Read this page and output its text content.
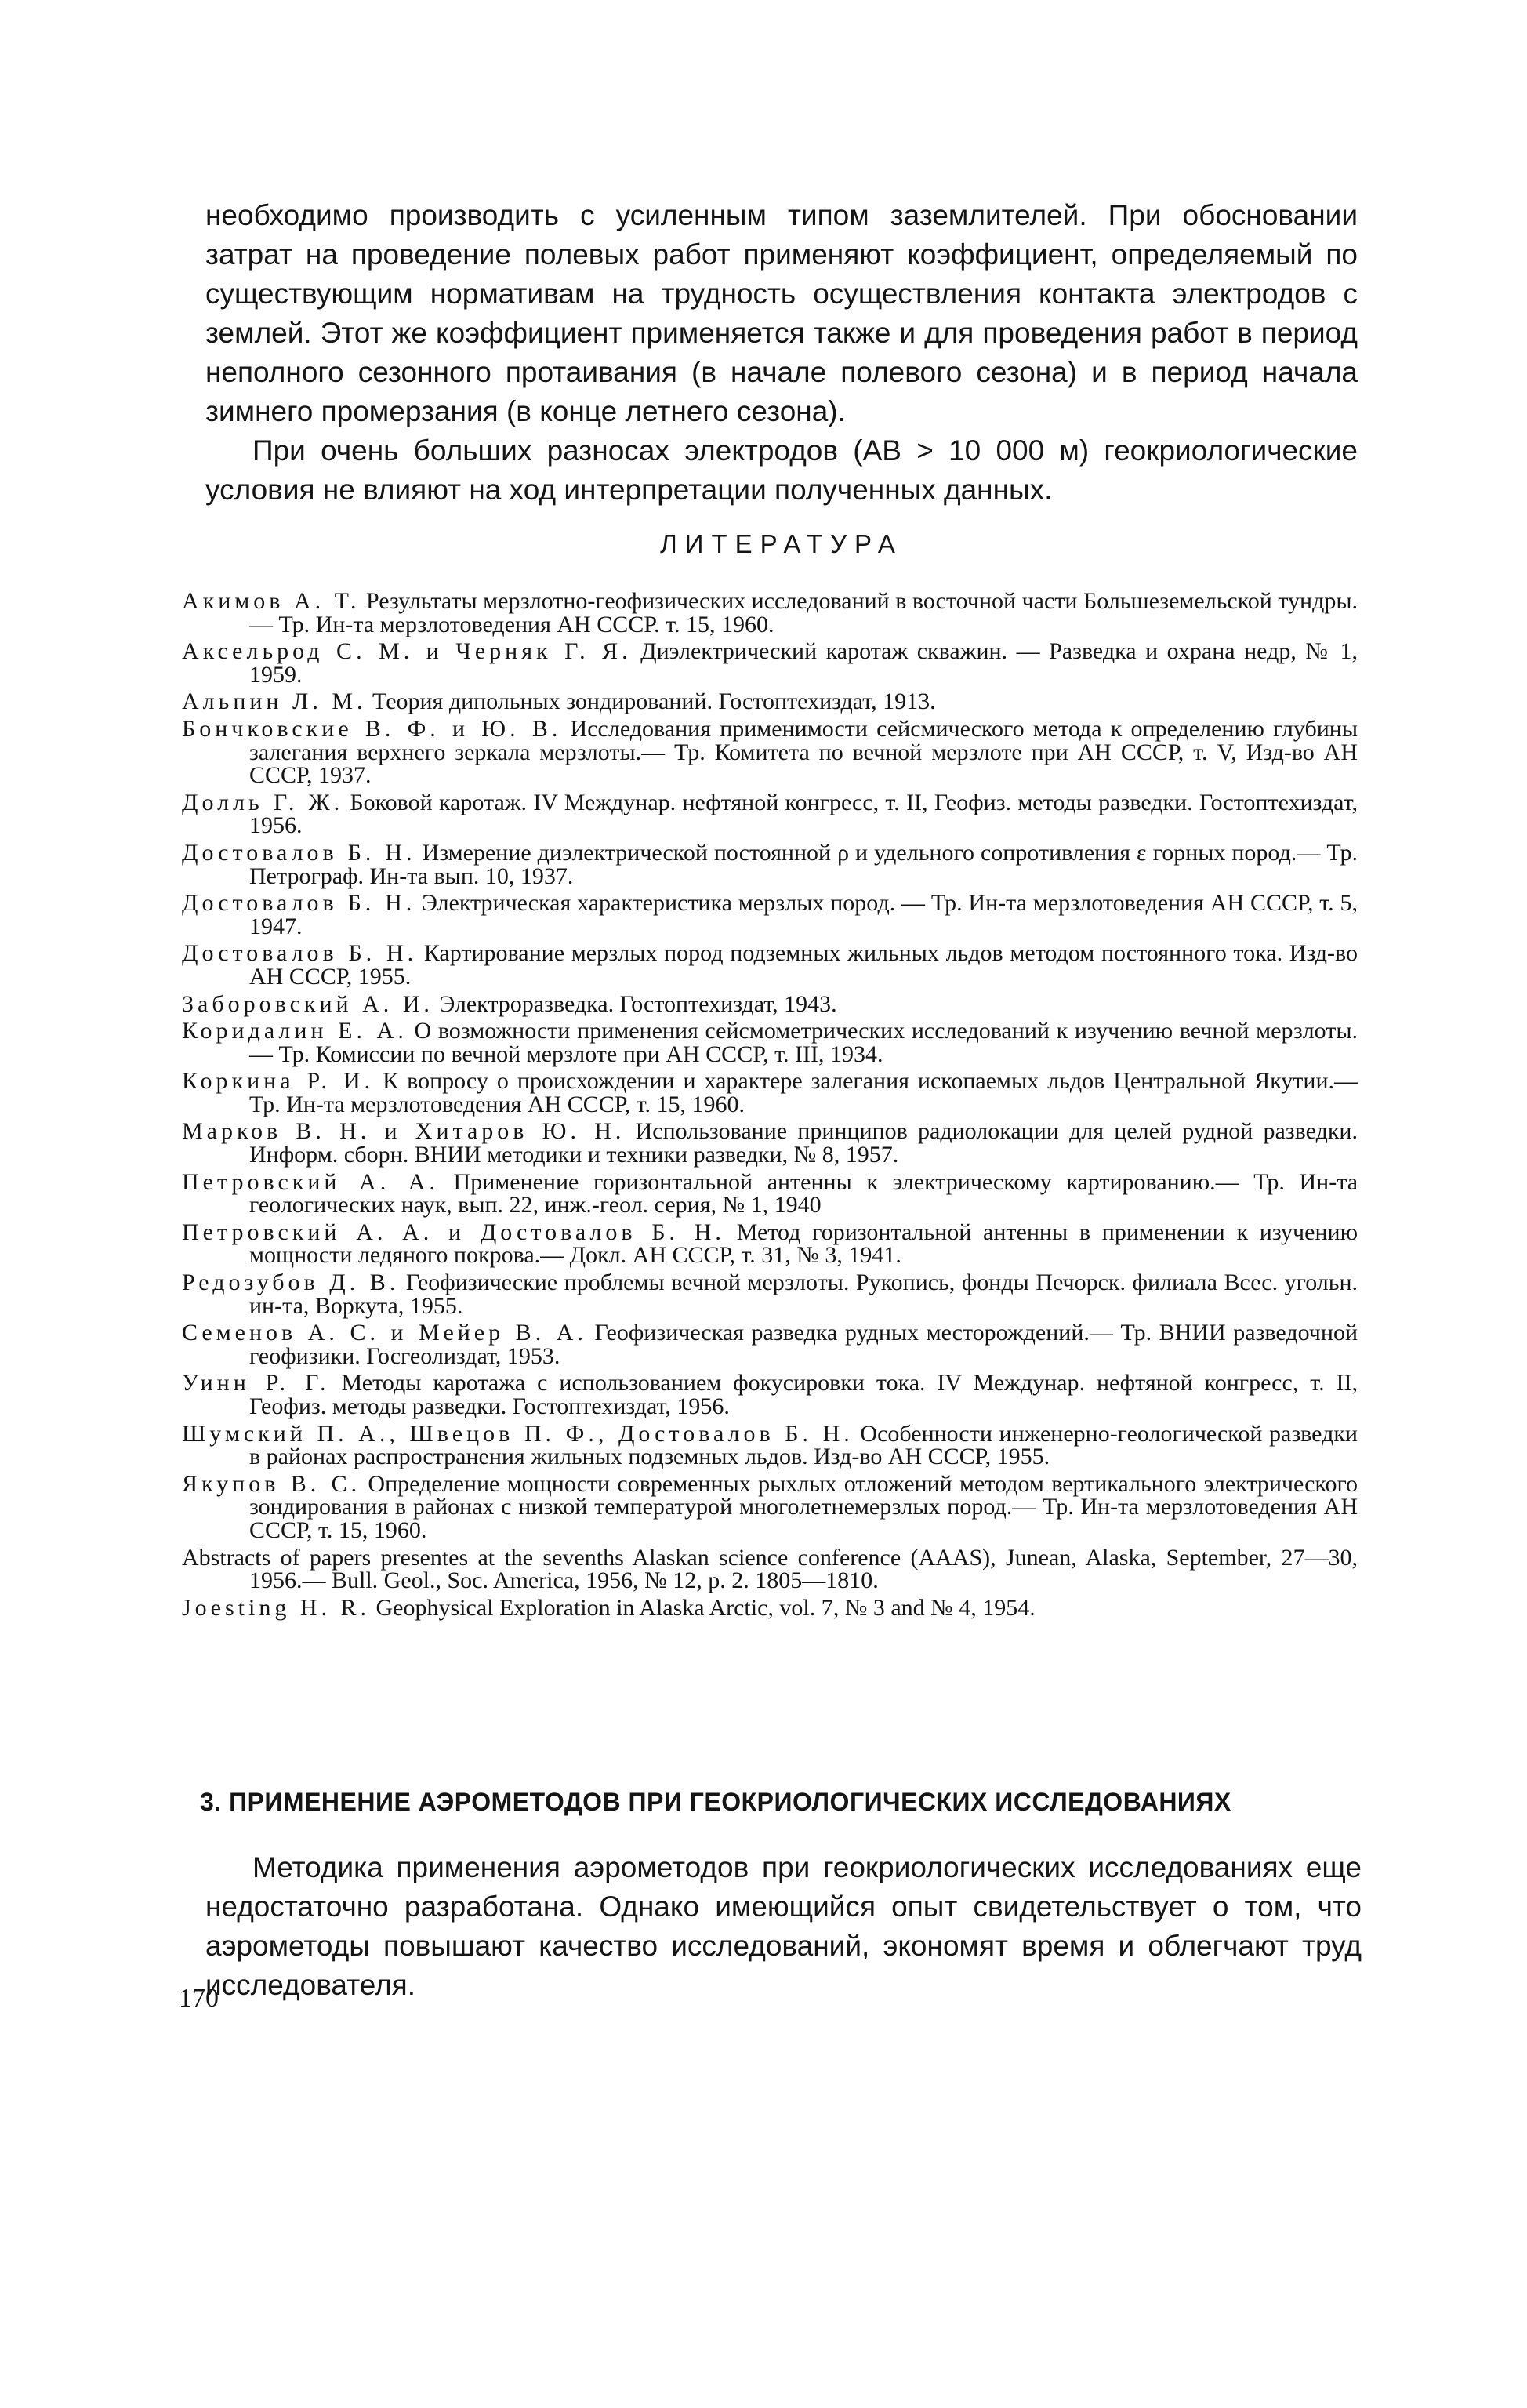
необходимо производить с усиленным типом заземлителей. При обосновании затрат на проведение полевых работ применяют коэффициент, определяемый по существующим нормативам на трудность осуществления контакта электродов с землей. Этот же коэффициент применяется также и для проведения работ в период неполного сезонного протаивания (в начале полевого сезона) и в период начала зимнего промерзания (в конце летнего сезона).

При очень больших разносах электродов (AB > 10 000 м) геокриологические условия не влияют на ход интерпретации полученных данных.

ЛИТЕРАТУРА

Акимов А. Т. Результаты мерзлотно-геофизических исследований в восточной части Большеземельской тундры.— Тр. Ин-та мерзлотоведения АН СССР. т. 15, 1960.

Аксельрод С. М. и Черняк Г. Я. Диэлектрический каротаж скважин. — Разведка и охрана недр, № 1, 1959.

Альпин Л. М. Теория дипольных зондирований. Гостоптехиздат, 1913.

Бончковские В. Ф. и Ю. В. Исследования применимости сейсмического метода к определению глубины залегания верхнего зеркала мерзлоты.— Тр. Комитета по вечной мерзлоте при АН СССР, т. V, Изд-во АН СССР, 1937.

Долль Г. Ж. Боковой каротаж. IV Междунар. нефтяной конгресс, т. II, Геофиз. методы разведки. Гостоптехиздат, 1956.

Достовалов Б. Н. Измерение диэлектрической постоянной ρ и удельного сопротивления ε горных пород.— Тр. Петрограф. Ин-та вып. 10, 1937.

Достовалов Б. Н. Электрическая характеристика мерзлых пород. — Тр. Ин-та мерзлотоведения АН СССР, т. 5, 1947.

Достовалов Б. Н. Картирование мерзлых пород подземных жильных льдов методом постоянного тока. Изд-во АН СССР, 1955.

Заборовский А. И. Электроразведка. Гостоптехиздат, 1943.

Коридалин Е. А. О возможности применения сейсмометрических исследований к изучению вечной мерзлоты.— Тр. Комиссии по вечной мерзлоте при АН СССР, т. III, 1934.

Коркина Р. И. К вопросу о происхождении и характере залегания ископаемых льдов Центральной Якутии.— Тр. Ин-та мерзлотоведения АН СССР, т. 15, 1960.

Марков В. Н. и Хитаров Ю. Н. Использование принципов радиолокации для целей рудной разведки. Информ. сборн. ВНИИ методики и техники разведки, № 8, 1957.

Петровский А. А. Применение горизонтальной антенны к электрическому картированию.— Тр. Ин-та геологических наук, вып. 22, инж.-геол. серия, № 1, 1940

Петровский А. А. и Достовалов Б. Н. Метод горизонтальной антенны в применении к изучению мощности ледяного покрова.— Докл. АН СССР, т. 31, № 3, 1941.

Редозубов Д. В. Геофизические проблемы вечной мерзлоты. Рукопись, фонды Печорск. филиала Всес. угольн. ин-та, Воркута, 1955.

Семенов А. С. и Мейер В. А. Геофизическая разведка рудных месторождений.— Тр. ВНИИ разведочной геофизики. Госгеолиздат, 1953.

Уинн Р. Г. Методы каротажа с использованием фокусировки тока. IV Междунар. нефтяной конгресс, т. II, Геофиз. методы разведки. Гостоптехиздат, 1956.

Шумский П. А., Швецов П. Ф., Достовалов Б. Н. Особенности инженерно-геологической разведки в районах распространения жильных подземных льдов. Изд-во АН СССР, 1955.

Якупов В. С. Определение мощности современных рыхлых отложений методом вертикального электрического зондирования в районах с низкой температурой многолетнемерзлых пород.— Тр. Ин-та мерзлотоведения АН СССР, т. 15, 1960.

Abstracts of papers presentes at the sevenths Alaskan science conference (AAAS), Junean, Alaska, September, 27—30, 1956.— Bull. Geol., Soc. America, 1956, № 12, p. 2. 1805—1810.

Joesting H. R. Geophysical Exploration in Alaska Arctic, vol. 7, № 3 and № 4, 1954.

3. ПРИМЕНЕНИЕ АЭРОМЕТОДОВ ПРИ ГЕОКРИОЛОГИЧЕСКИХ ИССЛЕДОВАНИЯХ
Методика применения аэрометодов при геокриологических исследованиях еще недостаточно разработана. Однако имеющийся опыт свидетельствует о том, что аэрометоды повышают качество исследований, экономят время и облегчают труд исследователя.
170
